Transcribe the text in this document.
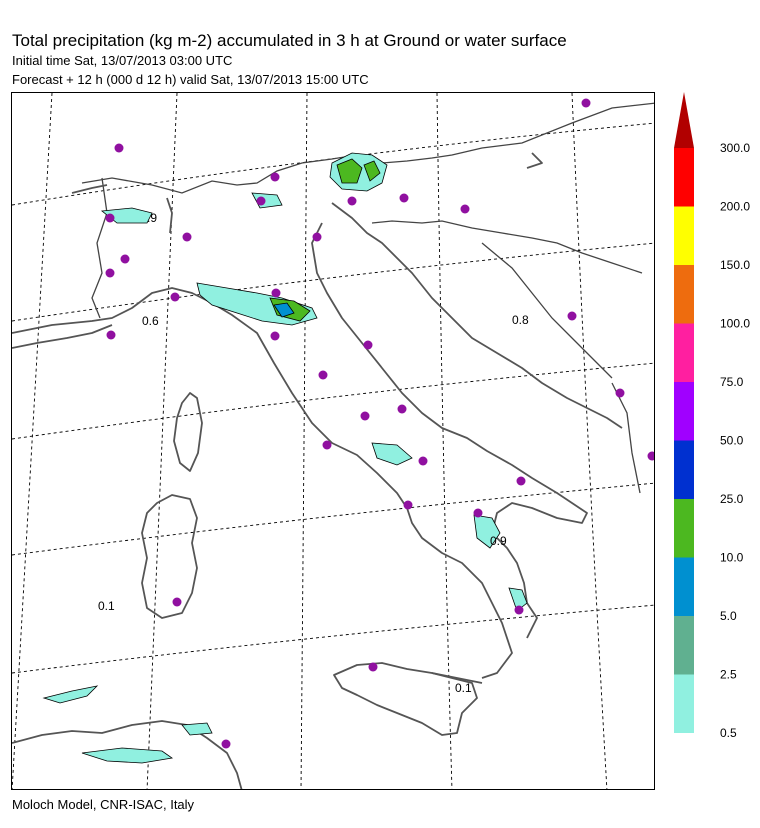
Total precipitation (kg m-2) accumulated in 3 h at Ground or water surface
Initial time Sat, 13/07/2013 03:00 UTC
Forecast + 12 h (000 d 12 h) valid Sat, 13/07/2013 15:00 UTC
0.1
0.1
0.8
0.9
.9
0.6
300.0
200.0
150.0
100.0
75.0
50.0
25.0
10.0
5.0
2.5
0.5
Moloch Model, CNR-ISAC, Italy
